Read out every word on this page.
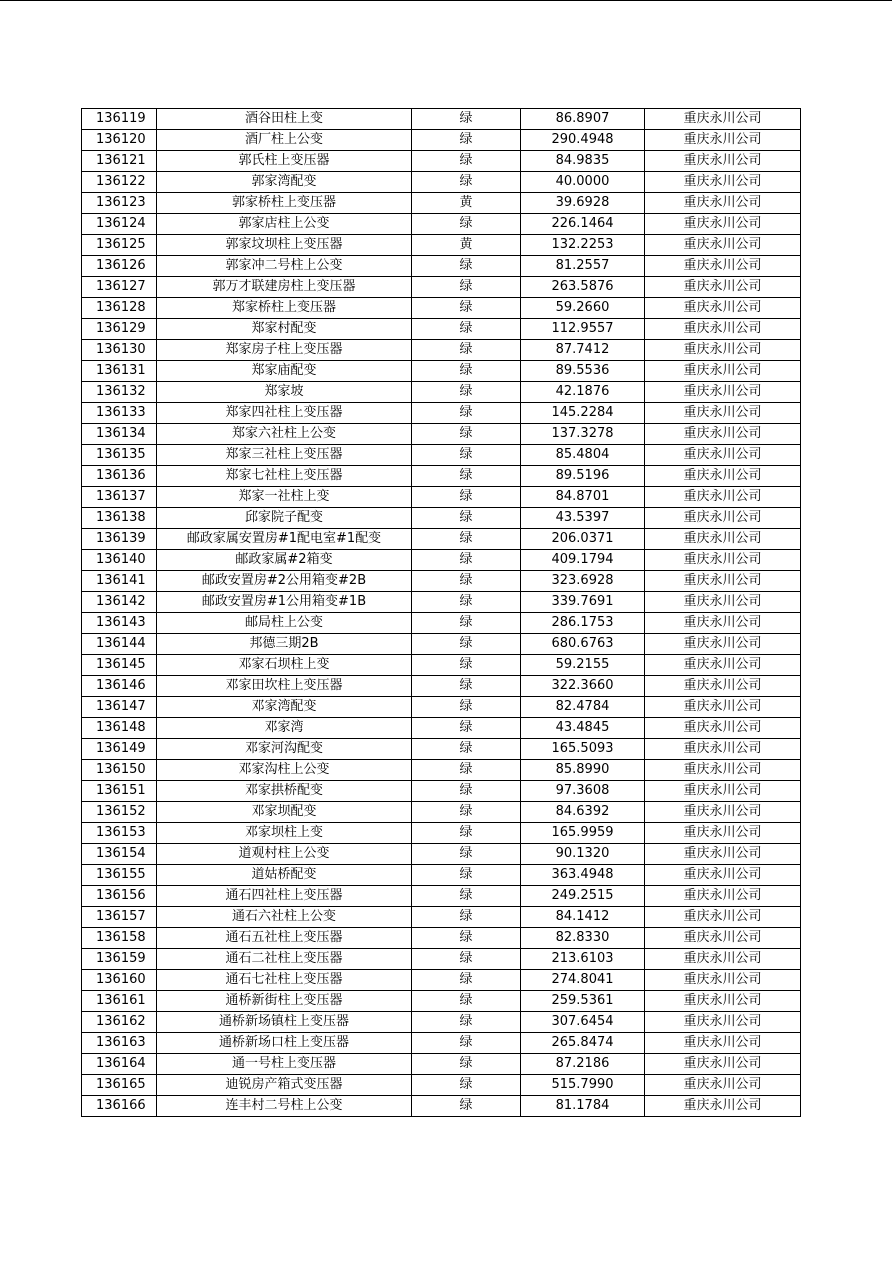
136119	酒谷田柱上变	绿	86.8907	重庆永川公司
136120	酒厂柱上公变	绿	290.4948	重庆永川公司
136121	郭氏柱上变压器	绿	84.9835	重庆永川公司
136122	郭家湾配变	绿	40.0000	重庆永川公司
136123	郭家桥柱上变压器	黄	39.6928	重庆永川公司
136124	郭家店柱上公变	绿	226.1464	重庆永川公司
136125	郭家坟坝柱上变压器	黄	132.2253	重庆永川公司
136126	郭家冲二号柱上公变	绿	81.2557	重庆永川公司
136127	郭万才联建房柱上变压器	绿	263.5876	重庆永川公司
136128	郑家桥柱上变压器	绿	59.2660	重庆永川公司
136129	郑家村配变	绿	112.9557	重庆永川公司
136130	郑家房子柱上变压器	绿	87.7412	重庆永川公司
136131	郑家庙配变	绿	89.5536	重庆永川公司
136132	郑家坡	绿	42.1876	重庆永川公司
136133	郑家四社柱上变压器	绿	145.2284	重庆永川公司
136134	郑家六社柱上公变	绿	137.3278	重庆永川公司
136135	郑家三社柱上变压器	绿	85.4804	重庆永川公司
136136	郑家七社柱上变压器	绿	89.5196	重庆永川公司
136137	郑家一社柱上变	绿	84.8701	重庆永川公司
136138	邱家院子配变	绿	43.5397	重庆永川公司
136139	邮政家属安置房#1配电室#1配变	绿	206.0371	重庆永川公司
136140	邮政家属#2箱变	绿	409.1794	重庆永川公司
136141	邮政安置房#2公用箱变#2B	绿	323.6928	重庆永川公司
136142	邮政安置房#1公用箱变#1B	绿	339.7691	重庆永川公司
136143	邮局柱上公变	绿	286.1753	重庆永川公司
136144	邦德三期2B	绿	680.6763	重庆永川公司
136145	邓家石坝柱上变	绿	59.2155	重庆永川公司
136146	邓家田坎柱上变压器	绿	322.3660	重庆永川公司
136147	邓家湾配变	绿	82.4784	重庆永川公司
136148	邓家湾	绿	43.4845	重庆永川公司
136149	邓家河沟配变	绿	165.5093	重庆永川公司
136150	邓家沟柱上公变	绿	85.8990	重庆永川公司
136151	邓家拱桥配变	绿	97.3608	重庆永川公司
136152	邓家坝配变	绿	84.6392	重庆永川公司
136153	邓家坝柱上变	绿	165.9959	重庆永川公司
136154	道观村柱上公变	绿	90.1320	重庆永川公司
136155	道姑桥配变	绿	363.4948	重庆永川公司
136156	通石四社柱上变压器	绿	249.2515	重庆永川公司
136157	通石六社柱上公变	绿	84.1412	重庆永川公司
136158	通石五社柱上变压器	绿	82.8330	重庆永川公司
136159	通石二社柱上变压器	绿	213.6103	重庆永川公司
136160	通石七社柱上变压器	绿	274.8041	重庆永川公司
136161	通桥新街柱上变压器	绿	259.5361	重庆永川公司
136162	通桥新场镇柱上变压器	绿	307.6454	重庆永川公司
136163	通桥新场口柱上变压器	绿	265.8474	重庆永川公司
136164	通一号柱上变压器	绿	87.2186	重庆永川公司
136165	迪锐房产箱式变压器	绿	515.7990	重庆永川公司
136166	连丰村二号柱上公变	绿	81.1784	重庆永川公司
